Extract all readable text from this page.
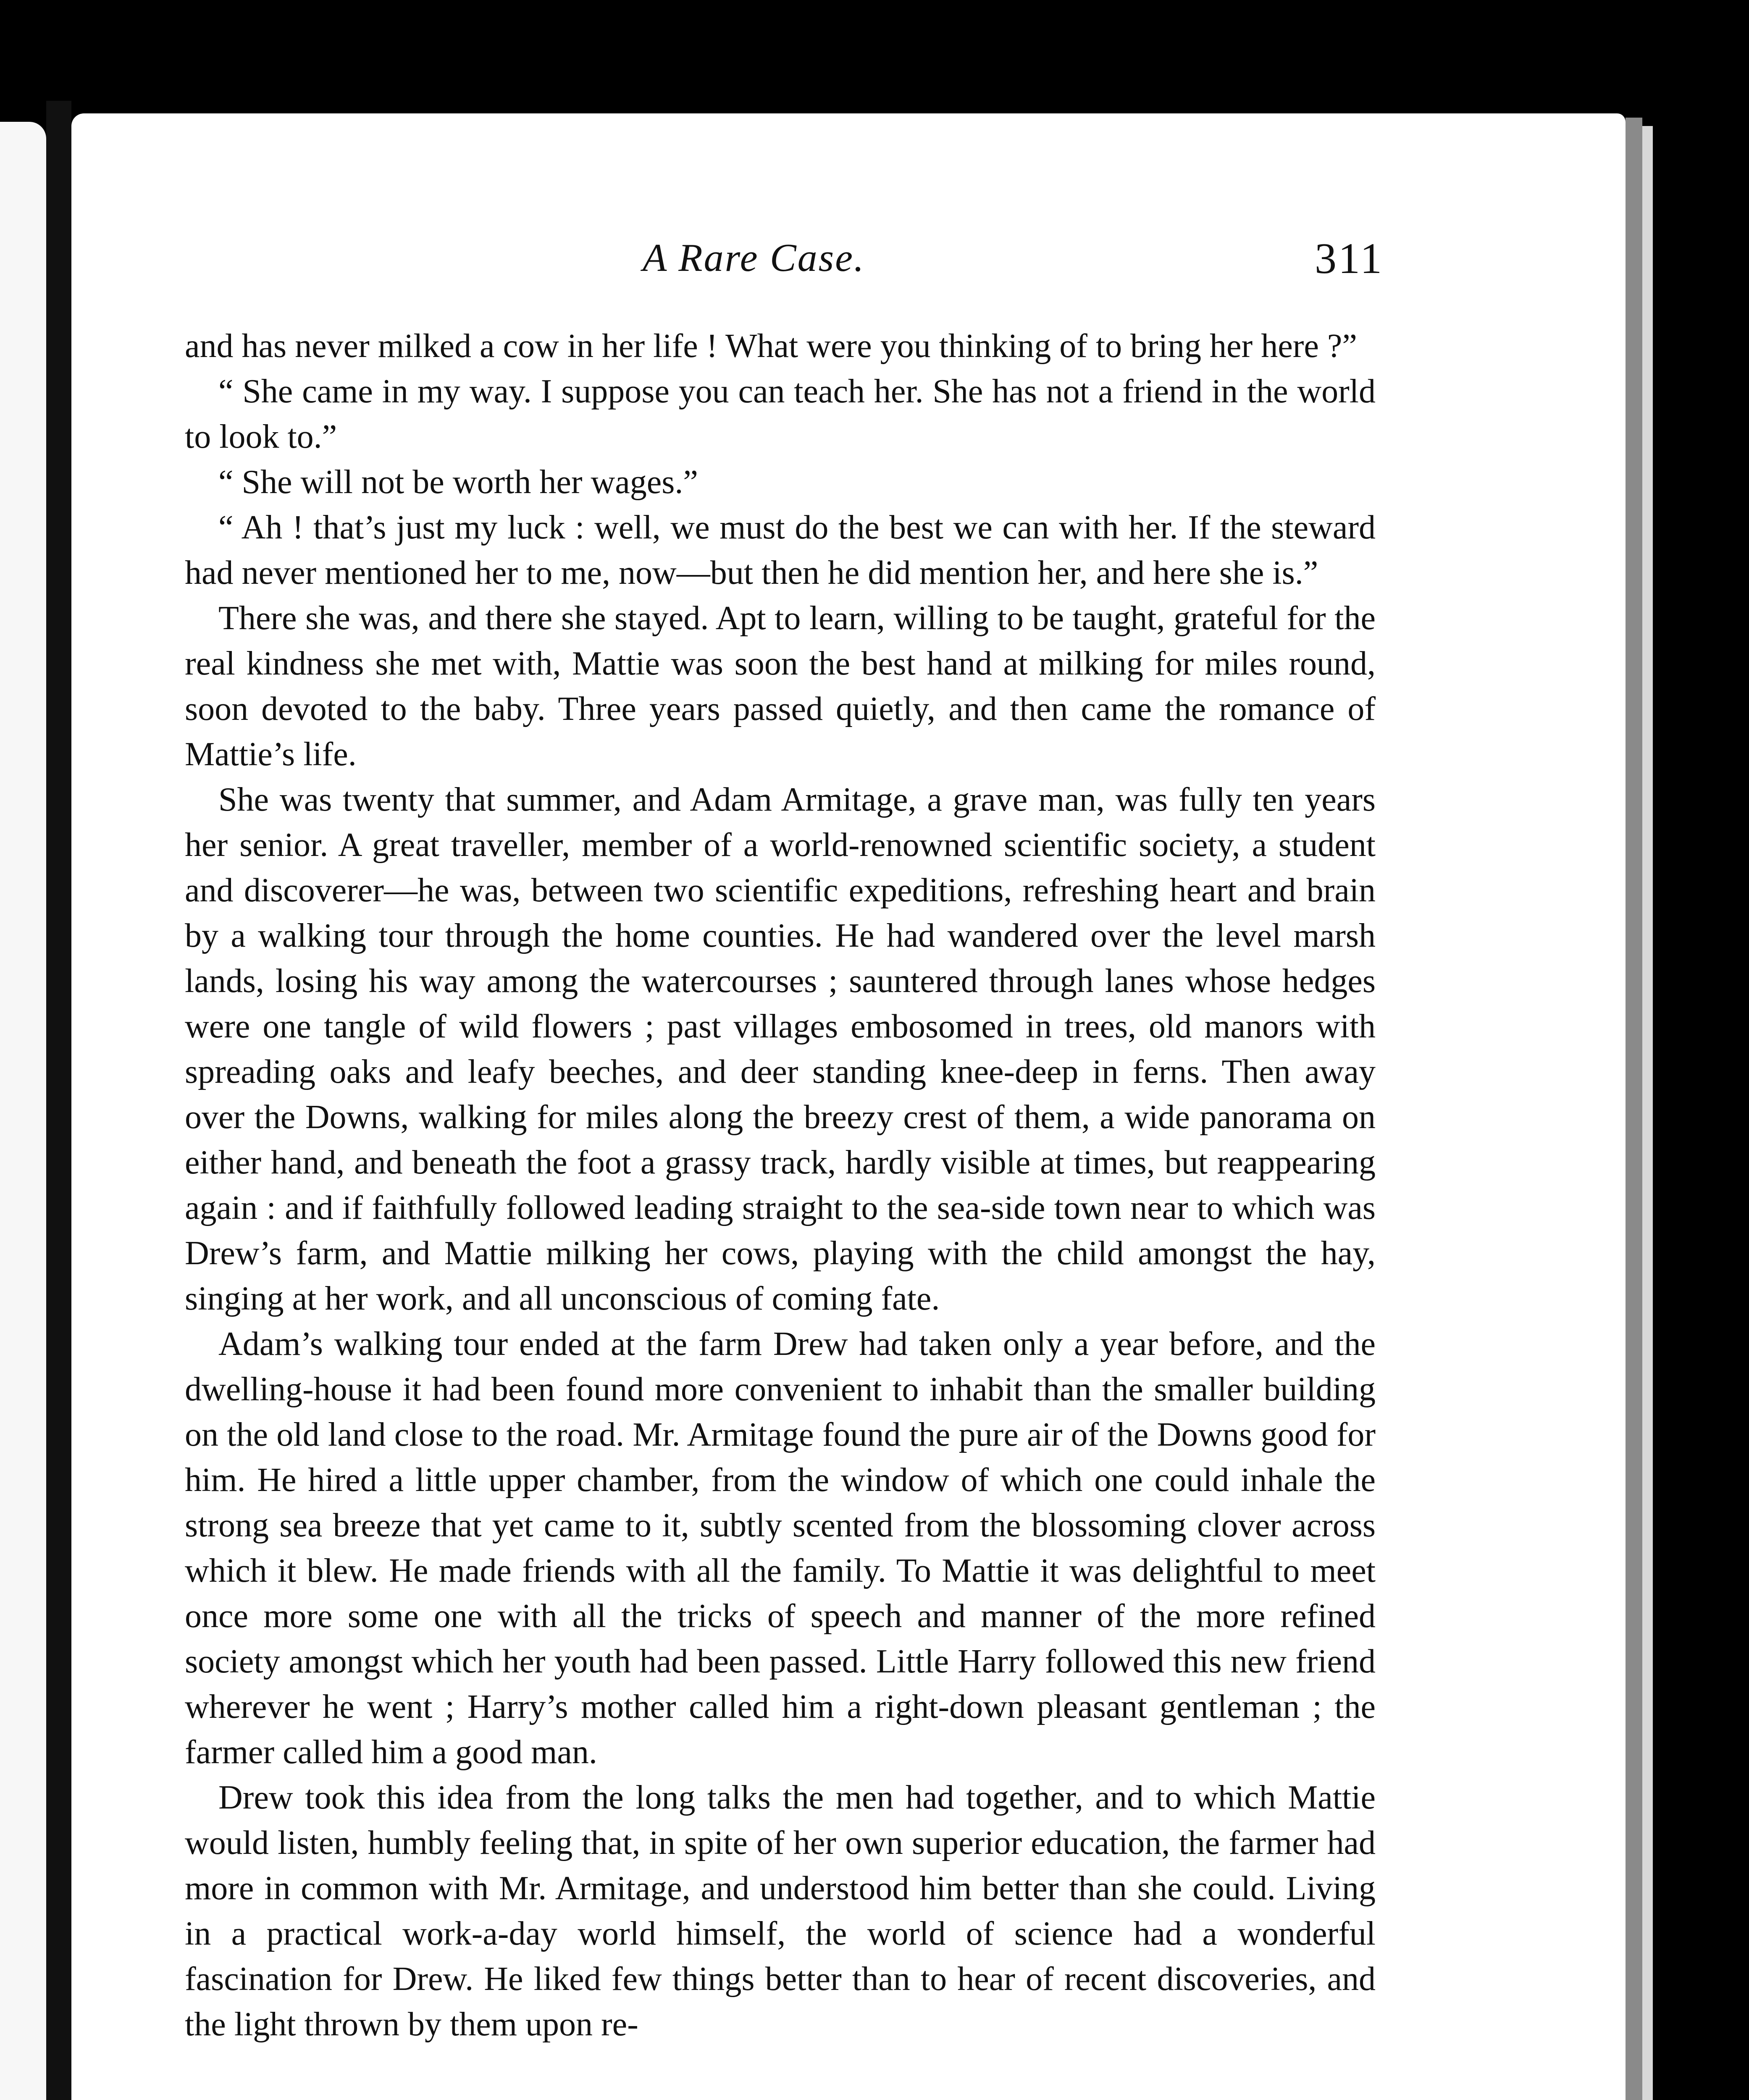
A Rare Case.	311

and has never milked a cow in her life ! What were you thinking of to bring her here ?”

“ She came in my way. I suppose you can teach her. She has not a friend in the world to look to.”

“ She will not be worth her wages.”

“ Ah ! that’s just my luck : well, we must do the best we can with her. If the steward had never mentioned her to me, now—but then he did mention her, and here she is.”

There she was, and there she stayed. Apt to learn, willing to be taught, grateful for the real kindness she met with, Mattie was soon the best hand at milking for miles round, soon devoted to the baby. Three years passed quietly, and then came the romance of Mattie’s life.

She was twenty that summer, and Adam Armitage, a grave man, was fully ten years her senior. A great traveller, member of a world-renowned scientific society, a student and discoverer—he was, between two scientific expeditions, refreshing heart and brain by a walking tour through the home counties. He had wandered over the level marsh lands, losing his way among the watercourses ; sauntered through lanes whose hedges were one tangle of wild flowers ; past villages embosomed in trees, old manors with spreading oaks and leafy beeches, and deer standing knee-deep in ferns. Then away over the Downs, walking for miles along the breezy crest of them, a wide panorama on either hand, and beneath the foot a grassy track, hardly visible at times, but reappearing again : and if faithfully followed leading straight to the sea-side town near to which was Drew’s farm, and Mattie milking her cows, playing with the child amongst the hay, singing at her work, and all unconscious of coming fate.

Adam’s walking tour ended at the farm Drew had taken only a year before, and the dwelling-house it had been found more convenient to inhabit than the smaller building on the old land close to the road. Mr. Armitage found the pure air of the Downs good for him. He hired a little upper chamber, from the window of which one could inhale the strong sea breeze that yet came to it, subtly scented from the blossoming clover across which it blew. He made friends with all the family. To Mattie it was delightful to meet once more some one with all the tricks of speech and manner of the more refined society amongst which her youth had been passed. Little Harry followed this new friend wherever he went ; Harry’s mother called him a right-down pleasant gentleman ; the farmer called him a good man.

Drew took this idea from the long talks the men had together, and to which Mattie would listen, humbly feeling that, in spite of her own superior education, the farmer had more in common with Mr. Armitage, and understood him better than she could. Living in a practical work-a-day world himself, the world of science had a wonderful fascination for Drew. He liked few things better than to hear of recent discoveries, and the light thrown by them upon re-
